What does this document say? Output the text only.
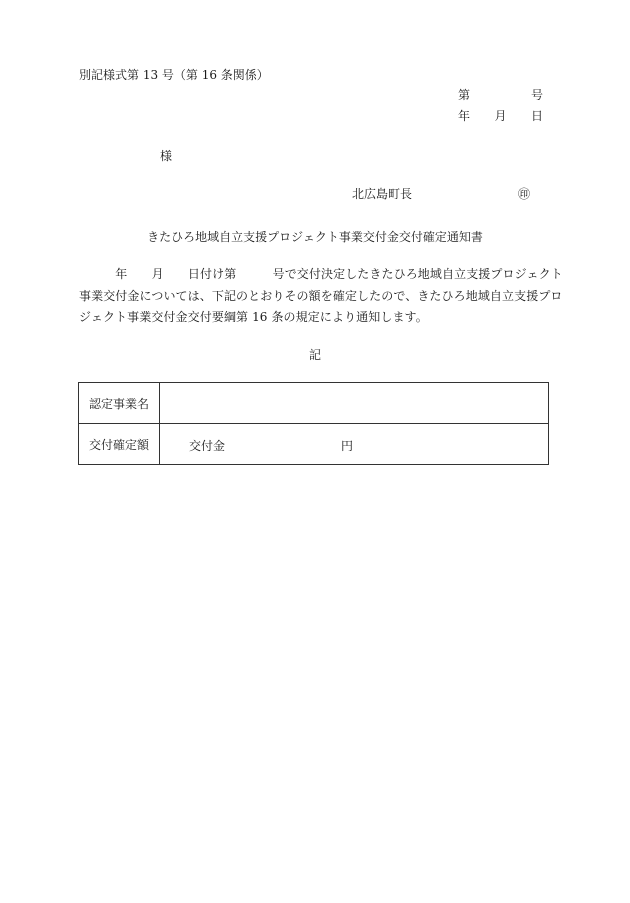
別記様式第 13 号（第 16 条関係）
第	号
年 月 日
様
北広島町長	㊞
きたひろ地域自立支援プロジェクト事業交付金交付確定通知書
　　　年　　月　　日付け第　　　号で交付決定したきたひろ地域自立支援プロジェクト
事業交付金については、下記のとおりその額を確定したので、きたひろ地域自立支援プロ
ジェクト事業交付金交付要綱第 16 条の規定により通知します。
記
認定事業名	
交付確定額	交付金 円
